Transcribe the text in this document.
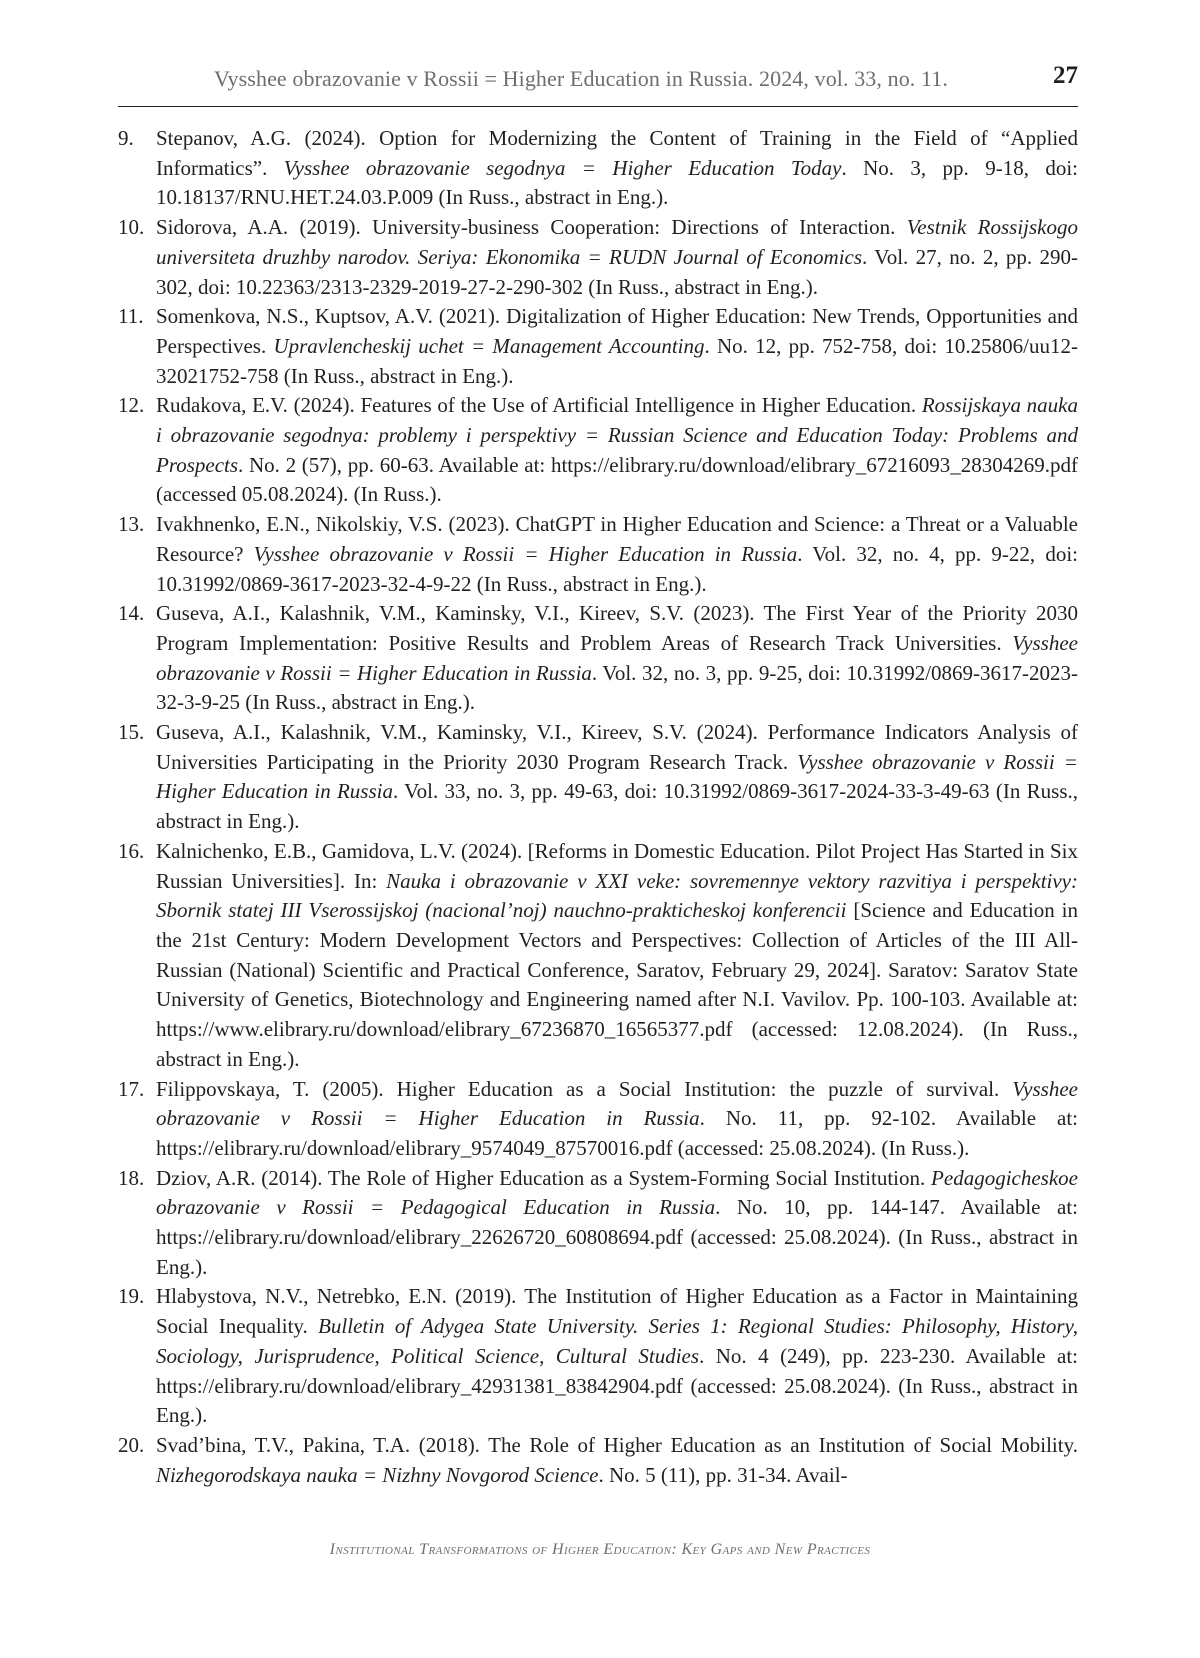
Vysshee obrazovanie v Rossii = Higher Education in Russia. 2024, vol. 33, no. 11.	27
9. Stepanov, A.G. (2024). Option for Modernizing the Content of Training in the Field of “Applied Informatics”. Vysshee obrazovanie segodnya = Higher Education Today. No. 3, pp. 9-18, doi: 10.18137/RNU.HET.24.03.P.009 (In Russ., abstract in Eng.).
10. Sidorova, A.A. (2019). University-business Cooperation: Directions of Interaction. Vestnik Rossijskogo universiteta druzhby narodov. Seriya: Ekonomika = RUDN Journal of Economics. Vol. 27, no. 2, pp. 290-302, doi: 10.22363/2313-2329-2019-27-2-290-302 (In Russ., abstract in Eng.).
11. Somenkova, N.S., Kuptsov, A.V. (2021). Digitalization of Higher Education: New Trends, Opportunities and Perspectives. Upravlencheskij uchet = Management Accounting. No. 12, pp. 752-758, doi: 10.25806/uu12-32021752-758 (In Russ., abstract in Eng.).
12. Rudakova, E.V. (2024). Features of the Use of Artificial Intelligence in Higher Education. Rossijskaya nauka i obrazovanie segodnya: problemy i perspektivy = Russian Science and Education Today: Problems and Prospects. No. 2 (57), pp. 60-63. Available at: https://elibrary.ru/download/elibrary_67216093_28304269.pdf (accessed 05.08.2024). (In Russ.).
13. Ivakhnenko, E.N., Nikolskiy, V.S. (2023). ChatGPT in Higher Education and Science: a Threat or a Valuable Resource? Vysshee obrazovanie v Rossii = Higher Education in Russia. Vol. 32, no. 4, pp. 9-22, doi: 10.31992/0869-3617-2023-32-4-9-22 (In Russ., abstract in Eng.).
14. Guseva, A.I., Kalashnik, V.M., Kaminsky, V.I., Kireev, S.V. (2023). The First Year of the Priority 2030 Program Implementation: Positive Results and Problem Areas of Research Track Universities. Vysshee obrazovanie v Rossii = Higher Education in Russia. Vol. 32, no. 3, pp. 9-25, doi: 10.31992/0869-3617-2023-32-3-9-25 (In Russ., abstract in Eng.).
15. Guseva, A.I., Kalashnik, V.M., Kaminsky, V.I., Kireev, S.V. (2024). Performance Indicators Analysis of Universities Participating in the Priority 2030 Program Research Track. Vysshee obrazovanie v Rossii = Higher Education in Russia. Vol. 33, no. 3, pp. 49-63, doi: 10.31992/0869-3617-2024-33-3-49-63 (In Russ., abstract in Eng.).
16. Kalnichenko, E.B., Gamidova, L.V. (2024). [Reforms in Domestic Education. Pilot Project Has Started in Six Russian Universities]. In: Nauka i obrazovanie v XXI veke: sovremennye vektory razvitiya i perspektivy: Sbornik statej III Vserossijskoj (nacional’noj) nauchno-prakticheskoj konferencii [Science and Education in the 21st Century: Modern Development Vectors and Perspectives: Collection of Articles of the III All-Russian (National) Scientific and Practical Conference, Saratov, February 29, 2024]. Saratov: Saratov State University of Genetics, Biotechnology and Engineering named after N.I. Vavilov. Pp. 100-103. Available at: https://www.elibrary.ru/download/elibrary_67236870_16565377.pdf (accessed: 12.08.2024). (In Russ., abstract in Eng.).
17. Filippovskaya, T. (2005). Higher Education as a Social Institution: the puzzle of survival. Vysshee obrazovanie v Rossii = Higher Education in Russia. No. 11, pp. 92-102. Available at: https://elibrary.ru/download/elibrary_9574049_87570016.pdf (accessed: 25.08.2024). (In Russ.).
18. Dziov, A.R. (2014). The Role of Higher Education as a System-Forming Social Institution. Pedagogicheskoe obrazovanie v Rossii = Pedagogical Education in Russia. No. 10, pp. 144-147. Available at: https://elibrary.ru/download/elibrary_22626720_60808694.pdf (accessed: 25.08.2024). (In Russ., abstract in Eng.).
19. Hlabystova, N.V., Netrebko, E.N. (2019). The Institution of Higher Education as a Factor in Maintaining Social Inequality. Bulletin of Adygea State University. Series 1: Regional Studies: Philosophy, History, Sociology, Jurisprudence, Political Science, Cultural Studies. No. 4 (249), pp. 223-230. Available at: https://elibrary.ru/download/elibrary_42931381_83842904.pdf (accessed: 25.08.2024). (In Russ., abstract in Eng.).
20. Svad’bina, T.V., Pakina, T.A. (2018). The Role of Higher Education as an Institution of Social Mobility. Nizhegorodskaya nauka = Nizhny Novgorod Science. No. 5 (11), pp. 31-34. Avail-
Institutional Transformations of Higher Education: Key Gaps and New Practices
